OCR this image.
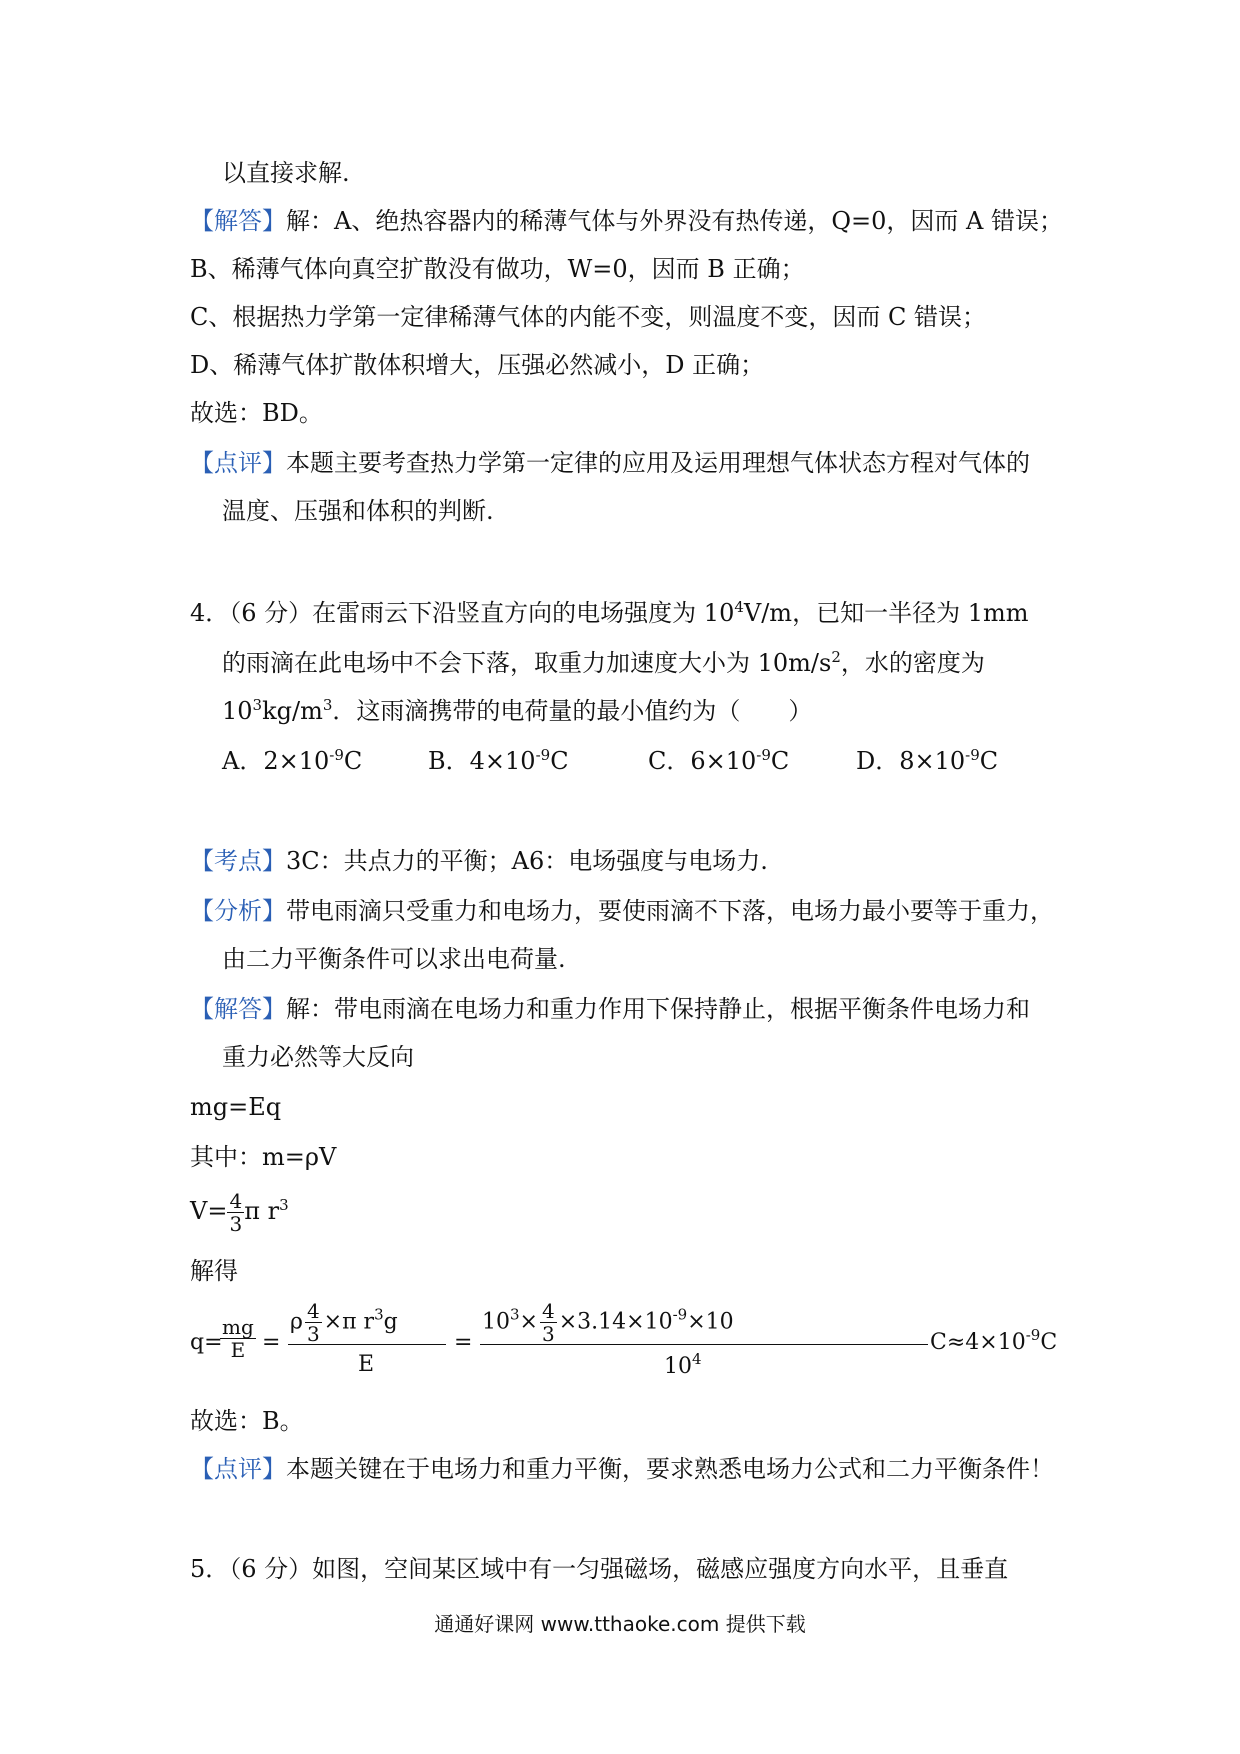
以直接求解.
【解答】解：A、绝热容器内的稀薄气体与外界没有热传递，Q=0，因而 A 错误；
B、稀薄气体向真空扩散没有做功，W=0，因而 B 正确；
C、根据热力学第一定律稀薄气体的内能不变，则温度不变，因而 C 错误；
D、稀薄气体扩散体积增大，压强必然减小，D 正确；
故选：BD。
【点评】本题主要考查热力学第一定律的应用及运用理想气体状态方程对气体的
温度、压强和体积的判断.
4．（6 分）在雷雨云下沿竖直方向的电场强度为 $10^4V/m$，已知一半径为 1mm
的雨滴在此电场中不会下落，取重力加速度大小为 $10m/s^2$，水的密度为
$10^3kg/m^3$．这雨滴携带的电荷量的最小值约为（　　）
A．$2\times 10^{-9}C$	B．$4\times 10^{-9}C$	C．$6\times 10^{-9}C$	D．$8\times 10^{-9}C$
【考点】3C：共点力的平衡；A6：电场强度与电场力.
【分析】带电雨滴只受重力和电场力，要使雨滴不下落，电场力最小要等于重力，
由二力平衡条件可以求出电荷量.
【解答】解：带电雨滴在电场力和重力作用下保持静止，根据平衡条件电场力和
重力必然等大反向
mg=Eq
其中：m=ρV
$V= \frac{4}{3}$ π $r^3$
解得
q=
$\frac{mg}{E}$ =
ρ $\frac{4}{3} \times\pi$ $r^3g$
E
=
$10^3\times \frac{4}{3} \times 3.14\times 10^{-9}\times 10$
$10^4$
$C\approx 4\times 10^{-9}C$
故选：B。
【点评】本题关键在于电场力和重力平衡，要求熟悉电场力公式和二力平衡条件！
5．（6 分）如图，空间某区域中有一匀强磁场，磁感应强度方向水平，且垂直
通通好课网 www.tthaoke.com 提供下载
